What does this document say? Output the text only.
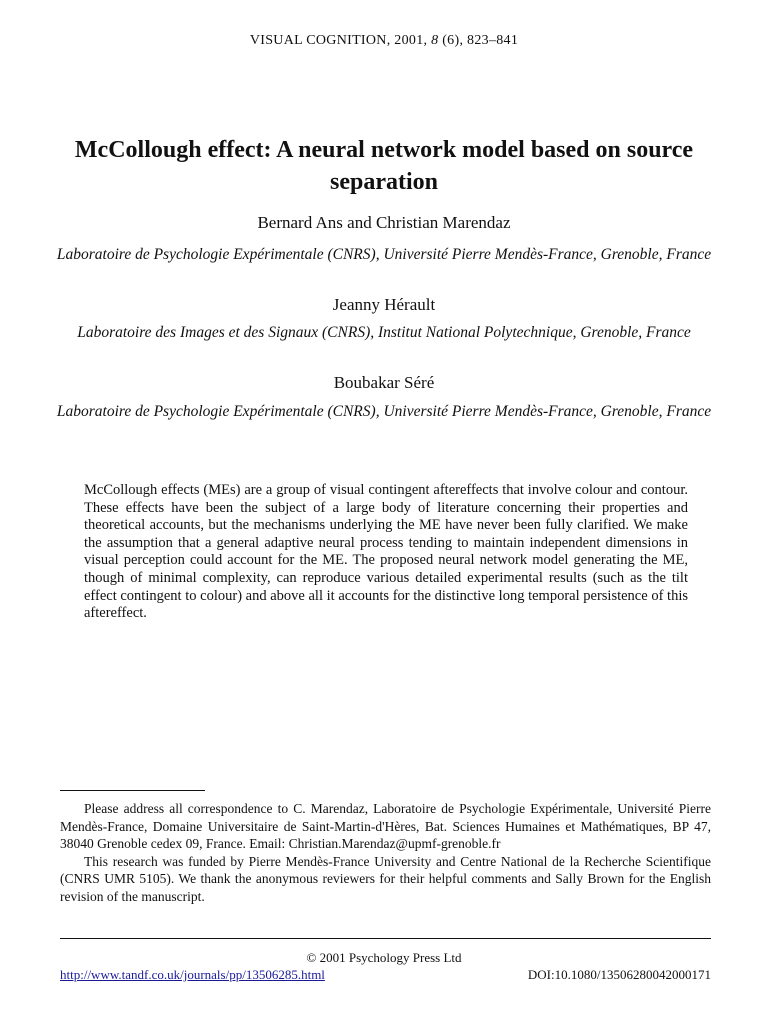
VISUAL COGNITION, 2001, 8 (6), 823–841
McCollough effect: A neural network model based on source separation
Bernard Ans and Christian Marendaz
Laboratoire de Psychologie Expérimentale (CNRS), Université Pierre Mendès-France, Grenoble, France
Jeanny Hérault
Laboratoire des Images et des Signaux (CNRS), Institut National Polytechnique, Grenoble, France
Boubakar Séré
Laboratoire de Psychologie Expérimentale (CNRS), Université Pierre Mendès-France, Grenoble, France
McCollough effects (MEs) are a group of visual contingent aftereffects that involve colour and contour. These effects have been the subject of a large body of literature concerning their properties and theoretical accounts, but the mechanisms underlying the ME have never been fully clarified. We make the assumption that a general adaptive neural process tending to maintain independent dimensions in visual perception could account for the ME. The proposed neural network model generating the ME, though of minimal complexity, can reproduce various detailed experimental results (such as the tilt effect contingent to colour) and above all it accounts for the distinctive long temporal persistence of this aftereffect.

Please address all correspondence to C. Marendaz, Laboratoire de Psychologie Expérimentale, Université Pierre Mendès-France, Domaine Universitaire de Saint-Martin-d'Hères, Bat. Sciences Humaines et Mathématiques, BP 47, 38040 Grenoble cedex 09, France. Email: Christian.Marendaz@upmf-grenoble.fr

This research was funded by Pierre Mendès-France University and Centre National de la Recherche Scientifique (CNRS UMR 5105). We thank the anonymous reviewers for their helpful comments and Sally Brown for the English revision of the manuscript.

© 2001 Psychology Press Ltd
http://www.tandf.co.uk/journals/pp/13506285.html	DOI:10.1080/13506280042000171
